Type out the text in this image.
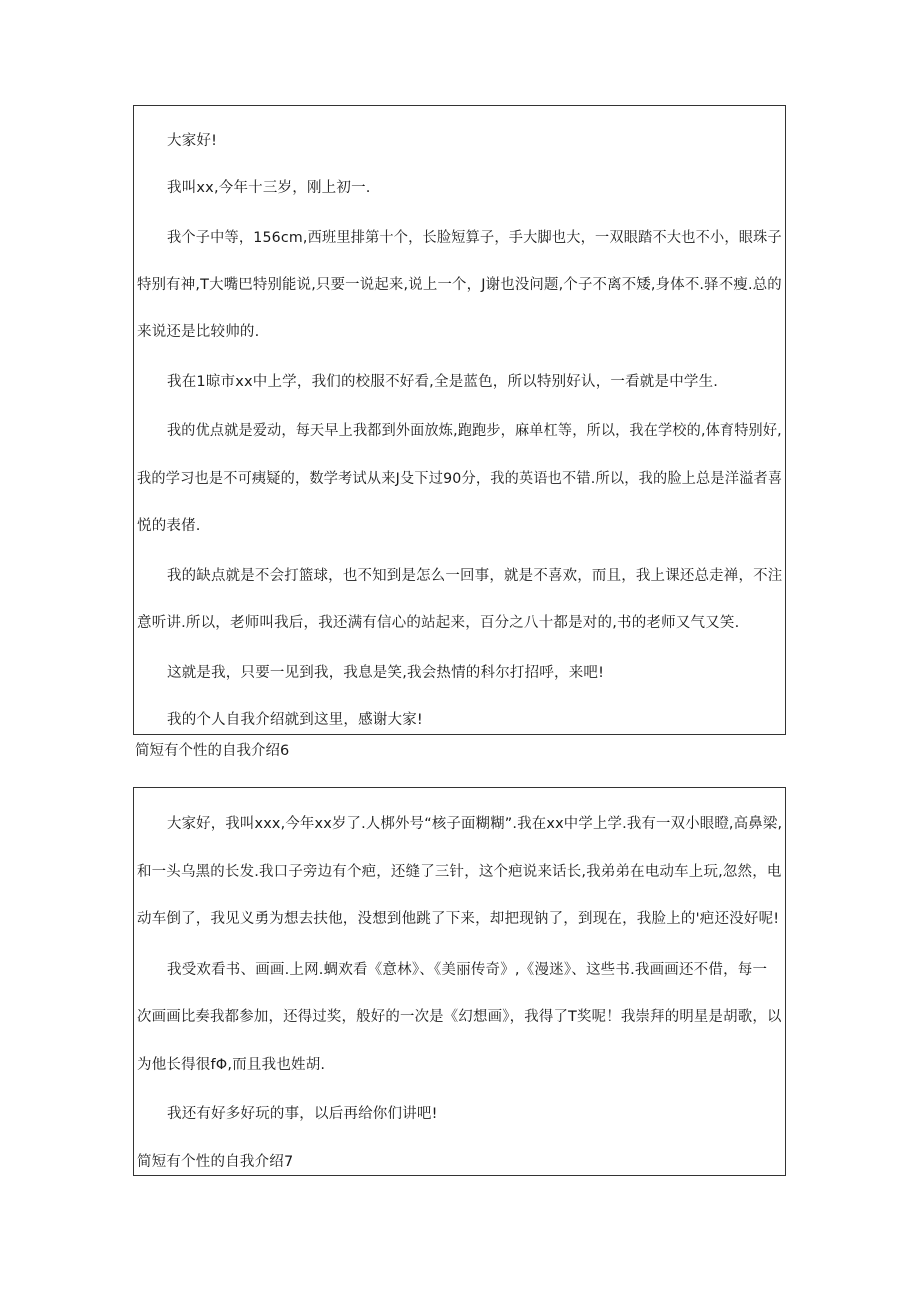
大家好!

我叫xx,今年十三岁，刚上初一.

我个子中等，156cm,西班里排第十个，长脸短算子，手大脚也大，一双眼踏不大也不小，眼珠子

特别有神,T大嘴巴特别能说,只要一说起来,说上一个，J谢也没问题,个子不离不矮,身体不.驿不瘦.总的

来说还是比较帅的.

我在1晾市xx中上学，我们的校服不好看,全是蓝色，所以特别好认，一看就是中学生.

我的优点就是爱动，每天早上我都到外面放炼,跑跑步，麻单杠等，所以，我在学校的,体育特别好,

我的学习也是不可痍疑的，数学考试从来J殳下过90分，我的英语也不错.所以，我的脸上总是洋溢者喜

悦的表偖.

我的缺点就是不会打篮球，也不知到是怎么一回事，就是不喜欢，而且，我上课还总走禅，不注

意听讲.所以，老师叫我后，我还满有信心的站起来，百分之八十都是对的,书的老师又气又笑.

这就是我，只要一见到我，我息是笑,我会热情的科尔打招呼，来吧!

我的个人自我介绍就到这里，感谢大家!

简短有个性的自我介绍6

大家好，我叫xxx,今年xx岁了.人梆外号“核子面糊糊”.我在xx中学上学.我有一双小眼瞪,高鼻梁,

和一头乌黑的长发.我口子旁边有个疤，还缝了三针，这个疤说来话长,我弟弟在电动车上玩,忽然，电

动车倒了，我见义勇为想去扶他，没想到他跳了下来，却把现钠了，到现在，我脸上的'疤还没好呢!

我受欢看书、画画.上网.蜩欢看《意林》、《美丽传奇》,《漫迷》、这些书.我画画还不借，每一

次画画比奏我都参加，还得过奖，般好的一次是《幻想画》，我得了T奖呢！我崇拜的明星是胡歌，以

为他长得很fΦ,而且我也姓胡.

我还有好多好玩的事，以后再给你们讲吧!

简短有个性的自我介绍7
